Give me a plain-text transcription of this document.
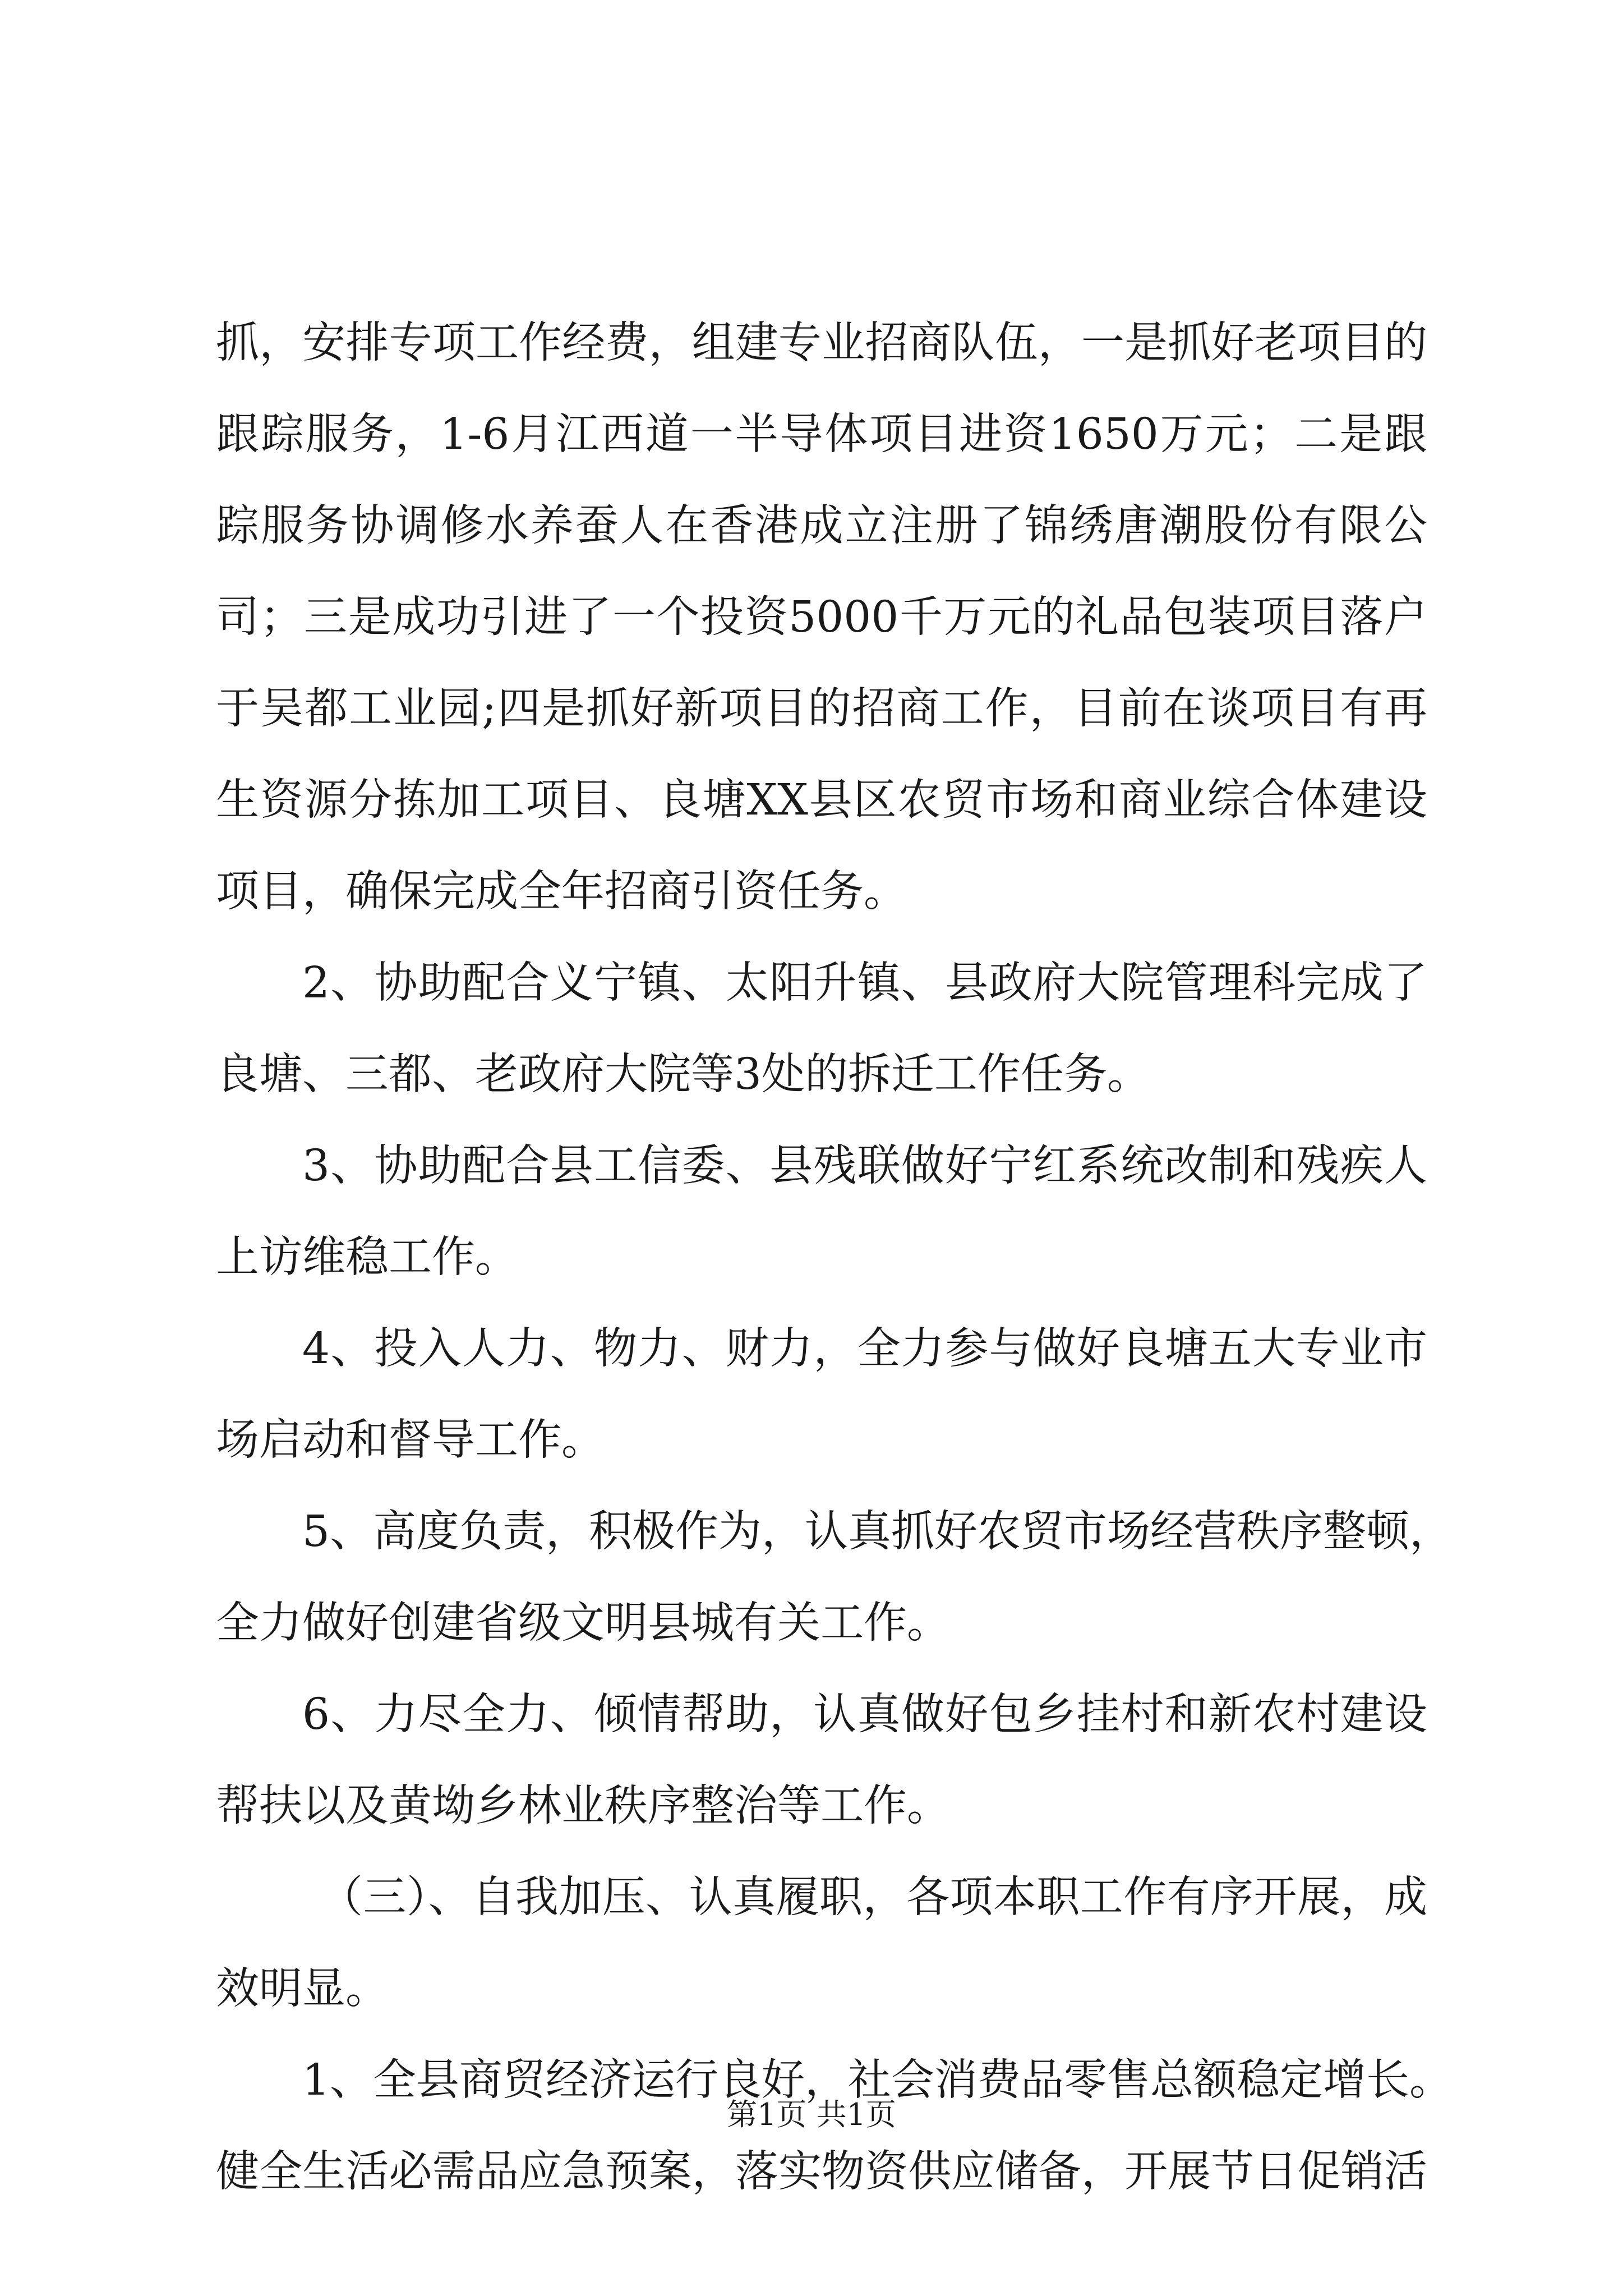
抓，安排专项工作经费，组建专业招商队伍，一是抓好老项目的
跟踪服务，1-6月江西道一半导体项目进资1650万元；二是跟
踪服务协调修水养蚕人在香港成立注册了锦绣唐潮股份有限公
司；三是成功引进了一个投资5000千万元的礼品包装项目落户
于吴都工业园;四是抓好新项目的招商工作，目前在谈项目有再
生资源分拣加工项目、良塘XX县区农贸市场和商业综合体建设
项目，确保完成全年招商引资任务。
2、协助配合义宁镇、太阳升镇、县政府大院管理科完成了
良塘、三都、老政府大院等3处的拆迁工作任务。
3、协助配合县工信委、县残联做好宁红系统改制和残疾人
上访维稳工作。
4、投入人力、物力、财力，全力参与做好良塘五大专业市
场启动和督导工作。
5、高度负责，积极作为，认真抓好农贸市场经营秩序整顿，
全力做好创建省级文明县城有关工作。
6、力尽全力、倾情帮助，认真做好包乡挂村和新农村建设
帮扶以及黄坳乡林业秩序整治等工作。
（三）、自我加压、认真履职，各项本职工作有序开展，成
效明显。
1、全县商贸经济运行良好，社会消费品零售总额稳定增长。
健全生活必需品应急预案，落实物资供应储备，开展节日促销活
第1页 共1页
